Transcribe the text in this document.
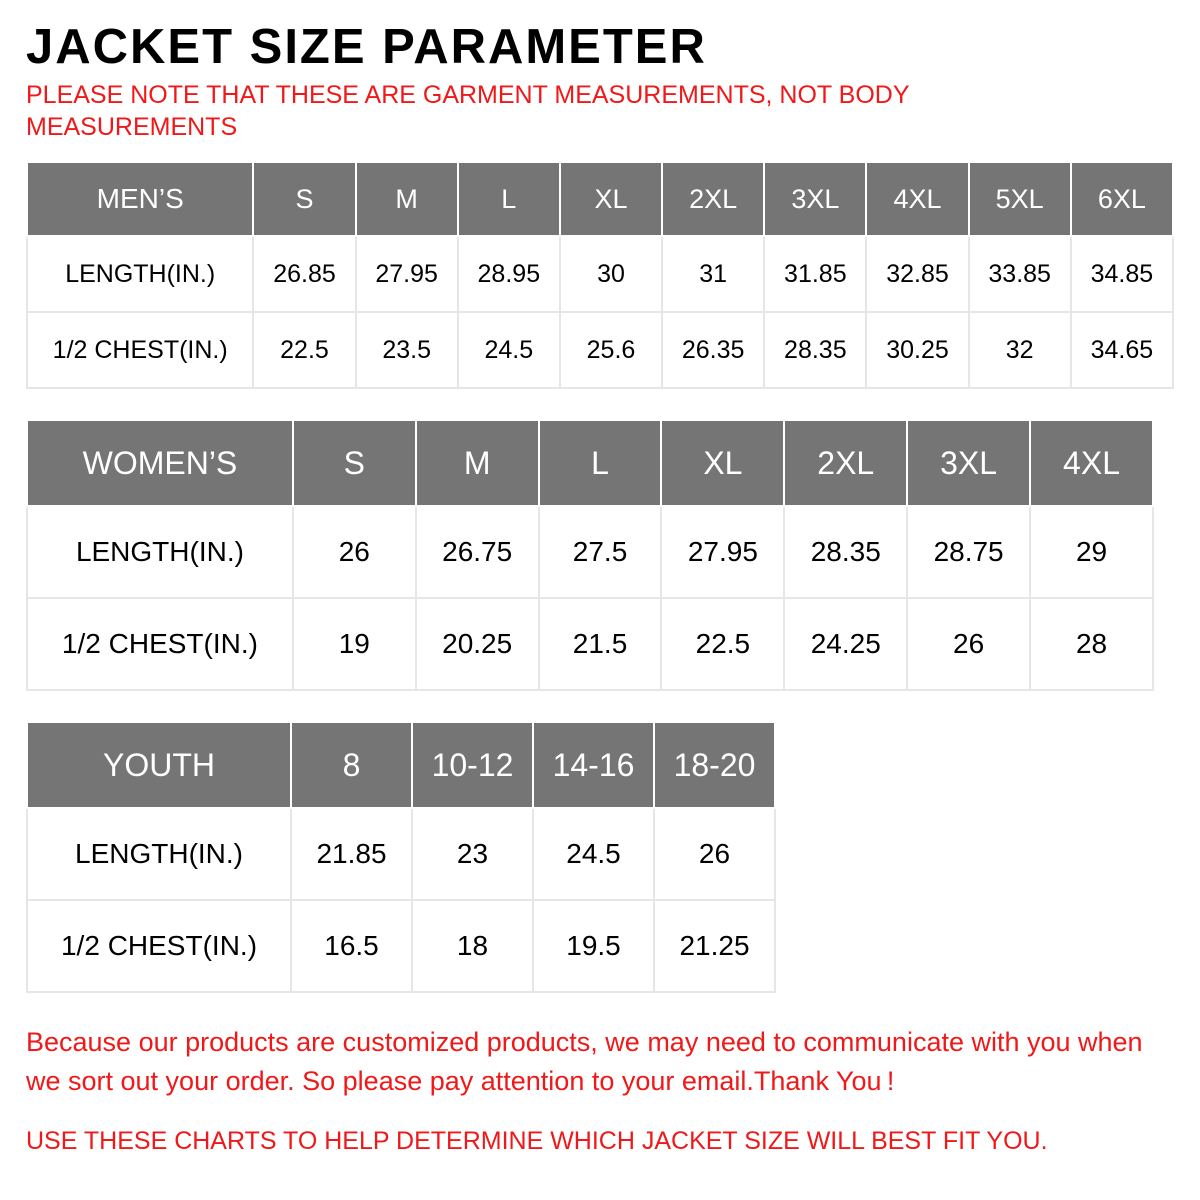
JACKET SIZE PARAMETER

PLEASE NOTE THAT THESE ARE GARMENT MEASUREMENTS, NOT BODY MEASUREMENTS

MEN’S	S	M	L	XL	2XL	3XL	4XL	5XL	6XL
LENGTH(IN.)	26.85	27.95	28.95	30	31	31.85	32.85	33.85	34.85
1/2 CHEST(IN.)	22.5	23.5	24.5	25.6	26.35	28.35	30.25	32	34.65
WOMEN’S	S	M	L	XL	2XL	3XL	4XL
LENGTH(IN.)	26	26.75	27.5	27.95	28.35	28.75	29
1/2 CHEST(IN.)	19	20.25	21.5	22.5	24.25	26	28
YOUTH	8	10-12	14-16	18-20
LENGTH(IN.)	21.85	23	24.5	26
1/2 CHEST(IN.)	16.5	18	19.5	21.25

Because our products are customized products, we may need to communicate with you when we sort out your order. So please pay attention to your email.Thank You !

USE THESE CHARTS TO HELP DETERMINE WHICH JACKET SIZE WILL BEST FIT YOU.
